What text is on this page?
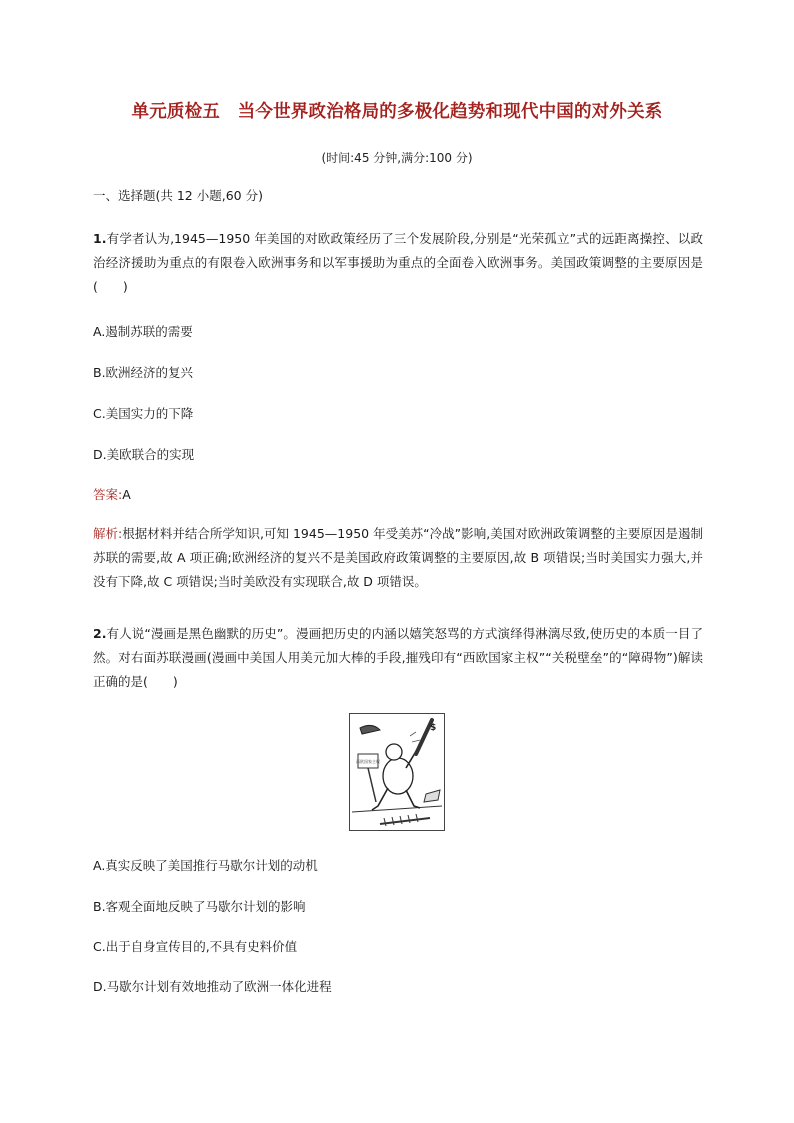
单元质检五　当今世界政治格局的多极化趋势和现代中国的对外关系
(时间:45 分钟,满分:100 分)
一、选择题(共 12 小题,60 分)
1.有学者认为,1945—1950 年美国的对欧政策经历了三个发展阶段,分别是“光荣孤立”式的远距离操控、以政治经济援助为重点的有限卷入欧洲事务和以军事援助为重点的全面卷入欧洲事务。美国政策调整的主要原因是(　　)
A.遏制苏联的需要
B.欧洲经济的复兴
C.美国实力的下降
D.美欧联合的实现
答案:A
解析:根据材料并结合所学知识,可知 1945—1950 年受美苏“冷战”影响,美国对欧洲政策调整的主要原因是遏制苏联的需要,故 A 项正确;欧洲经济的复兴不是美国政府政策调整的主要原因,故 B 项错误;当时美国实力强大,并没有下降,故 C 项错误;当时美欧没有实现联合,故 D 项错误。
2.有人说“漫画是黑色幽默的历史”。漫画把历史的内涵以嬉笑怒骂的方式演绎得淋漓尽致,使历史的本质一目了然。对右面苏联漫画(漫画中美国人用美元加大棒的手段,摧残印有“西欧国家主权”“关税壁垒”的“障碍物”)解读正确的是(　　)
西欧国家主权
$
A.真实反映了美国推行马歇尔计划的动机
B.客观全面地反映了马歇尔计划的影响
C.出于自身宣传目的,不具有史料价值
D.马歇尔计划有效地推动了欧洲一体化进程
